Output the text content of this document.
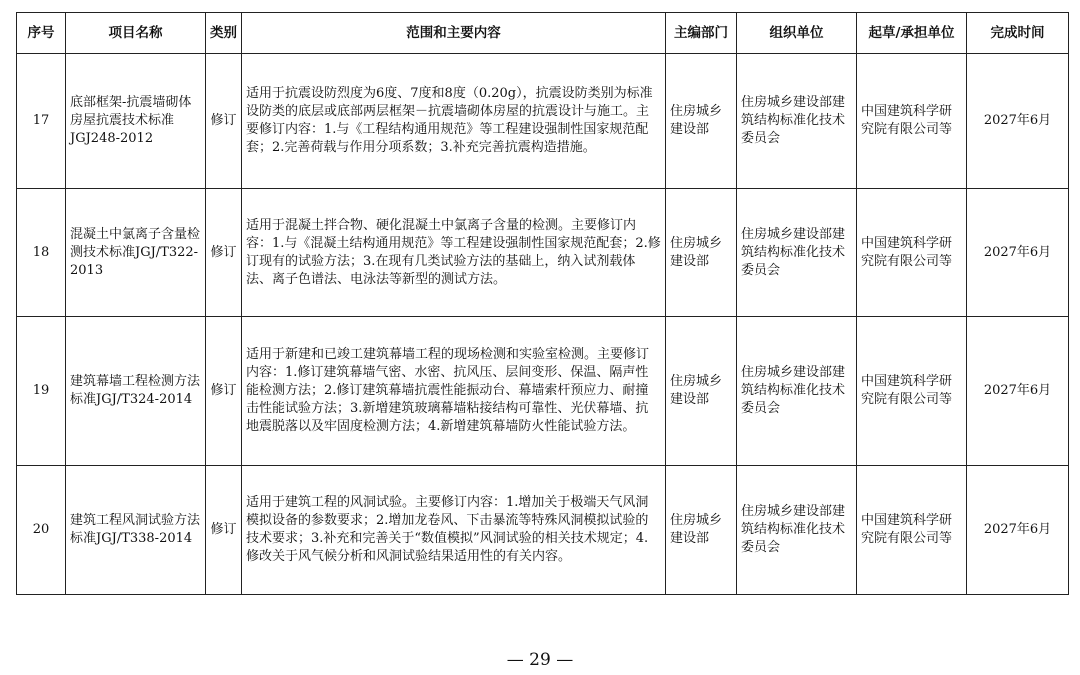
序号	项目名称	类别	范围和主要内容	主编部门	组织单位	起草/承担单位	完成时间
17	底部框架-抗震墙砌体房屋抗震技术标准JGJ248-2012	修订	适用于抗震设防烈度为6度、7度和8度（0.20g），抗震设防类别为标准设防类的底层或底部两层框架－抗震墙砌体房屋的抗震设计与施工。主要修订内容：1.与《工程结构通用规范》等工程建设强制性国家规范配套；2.完善荷载与作用分项系数；3.补充完善抗震构造措施。	住房城乡建设部	住房城乡建设部建筑结构标准化技术委员会	中国建筑科学研究院有限公司等	2027年6月
18	混凝土中氯离子含量检测技术标准JGJ/T322-2013	修订	适用于混凝土拌合物、硬化混凝土中氯离子含量的检测。主要修订内容：1.与《混凝土结构通用规范》等工程建设强制性国家规范配套；2.修订现有的试验方法；3.在现有几类试验方法的基础上，纳入试剂载体法、离子色谱法、电泳法等新型的测试方法。	住房城乡建设部	住房城乡建设部建筑结构标准化技术委员会	中国建筑科学研究院有限公司等	2027年6月
19	建筑幕墙工程检测方法标准JGJ/T324-2014	修订	适用于新建和已竣工建筑幕墙工程的现场检测和实验室检测。主要修订内容：1.修订建筑幕墙气密、水密、抗风压、层间变形、保温、隔声性能检测方法；2.修订建筑幕墙抗震性能振动台、幕墙索杆预应力、耐撞击性能试验方法；3.新增建筑玻璃幕墙粘接结构可靠性、光伏幕墙、抗地震脱落以及牢固度检测方法；4.新增建筑幕墙防火性能试验方法。	住房城乡建设部	住房城乡建设部建筑结构标准化技术委员会	中国建筑科学研究院有限公司等	2027年6月
20	建筑工程风洞试验方法标准JGJ/T338-2014	修订	适用于建筑工程的风洞试验。主要修订内容：1.增加关于极端天气风洞模拟设备的参数要求；2.增加龙卷风、下击暴流等特殊风洞模拟试验的技术要求；3.补充和完善关于“数值模拟”风洞试验的相关技术规定；4.修改关于风气候分析和风洞试验结果适用性的有关内容。	住房城乡建设部	住房城乡建设部建筑结构标准化技术委员会	中国建筑科学研究院有限公司等	2027年6月
— 29 —
